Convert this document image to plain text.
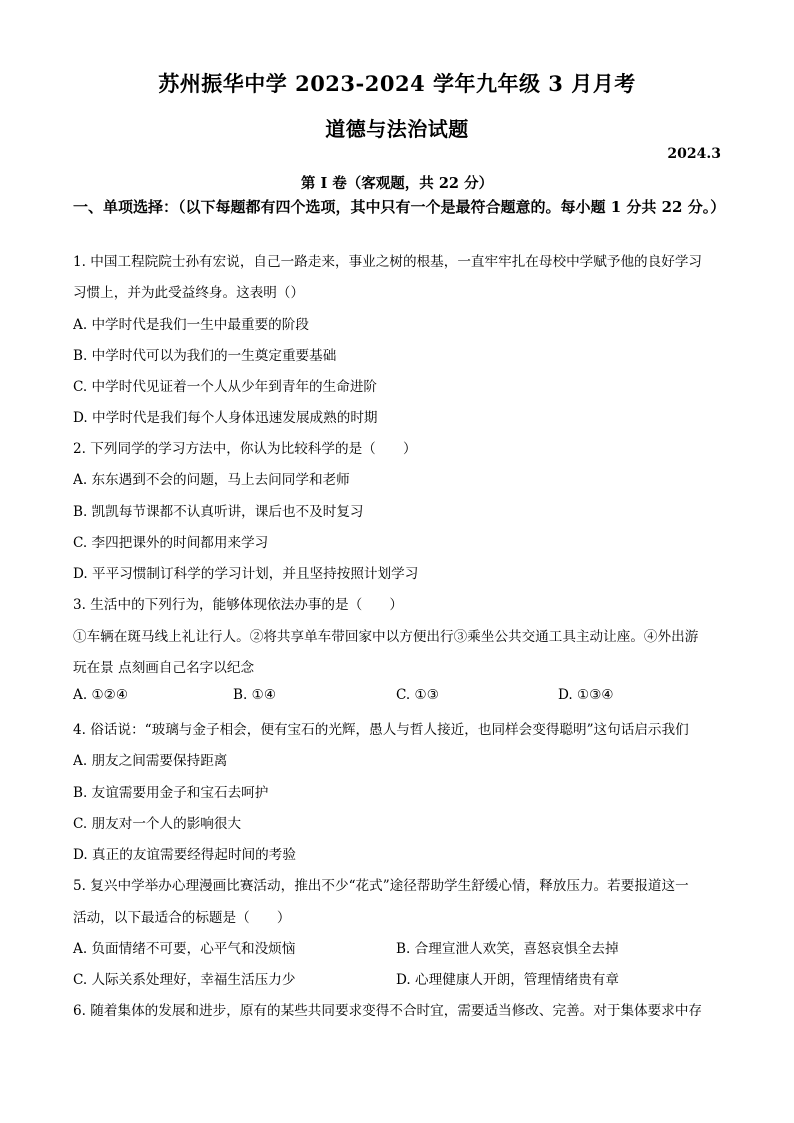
苏州振华中学 2023-2024 学年九年级 3 月月考
道德与法治试题
2024.3
第 I 卷（客观题，共 22 分）
一、单项选择：（以下每题都有四个选项，其中只有一个是最符合题意的。每小题 1 分共 22 分。）
1. 中国工程院院士孙有宏说，自己一路走来，事业之树的根基，一直牢牢扎在母校中学赋予他的良好学习
习惯上，并为此受益终身。这表明（）
A. 中学时代是我们一生中最重要的阶段
B. 中学时代可以为我们的一生奠定重要基础
C. 中学时代见证着一个人从少年到青年的生命进阶
D. 中学时代是我们每个人身体迅速发展成熟的时期
2. 下列同学的学习方法中，你认为比较科学的是（　　）
A. 东东遇到不会的问题，马上去问同学和老师
B. 凯凯每节课都不认真听讲，课后也不及时复习
C. 李四把课外的时间都用来学习
D. 平平习惯制订科学的学习计划，并且坚持按照计划学习
3. 生活中的下列行为，能够体现依法办事的是（　　）
①车辆在斑马线上礼让行人。②将共享单车带回家中以方便出行③乘坐公共交通工具主动让座。④外出游
玩在景 点刻画自己名字以纪念
A. ①②④	B. ①④	C. ①③	D. ①③④
4. 俗话说：“玻璃与金子相会，便有宝石的光辉，愚人与哲人接近，也同样会变得聪明”这句话启示我们
A. 朋友之间需要保持距离
B. 友谊需要用金子和宝石去呵护
C. 朋友对一个人的影响很大
D. 真正的友谊需要经得起时间的考验
5. 复兴中学举办心理漫画比赛活动，推出不少“花式”途径帮助学生舒缓心情，释放压力。若要报道这一
活动，以下最适合的标题是（　　）
A. 负面情绪不可要，心平气和没烦恼	B. 合理宣泄人欢笑，喜怒哀惧全去掉
C. 人际关系处理好，幸福生活压力少	D. 心理健康人开朗，管理情绪贵有章
6. 随着集体的发展和进步，原有的某些共同要求变得不合时宜，需要适当修改、完善。对于集体要求中存
